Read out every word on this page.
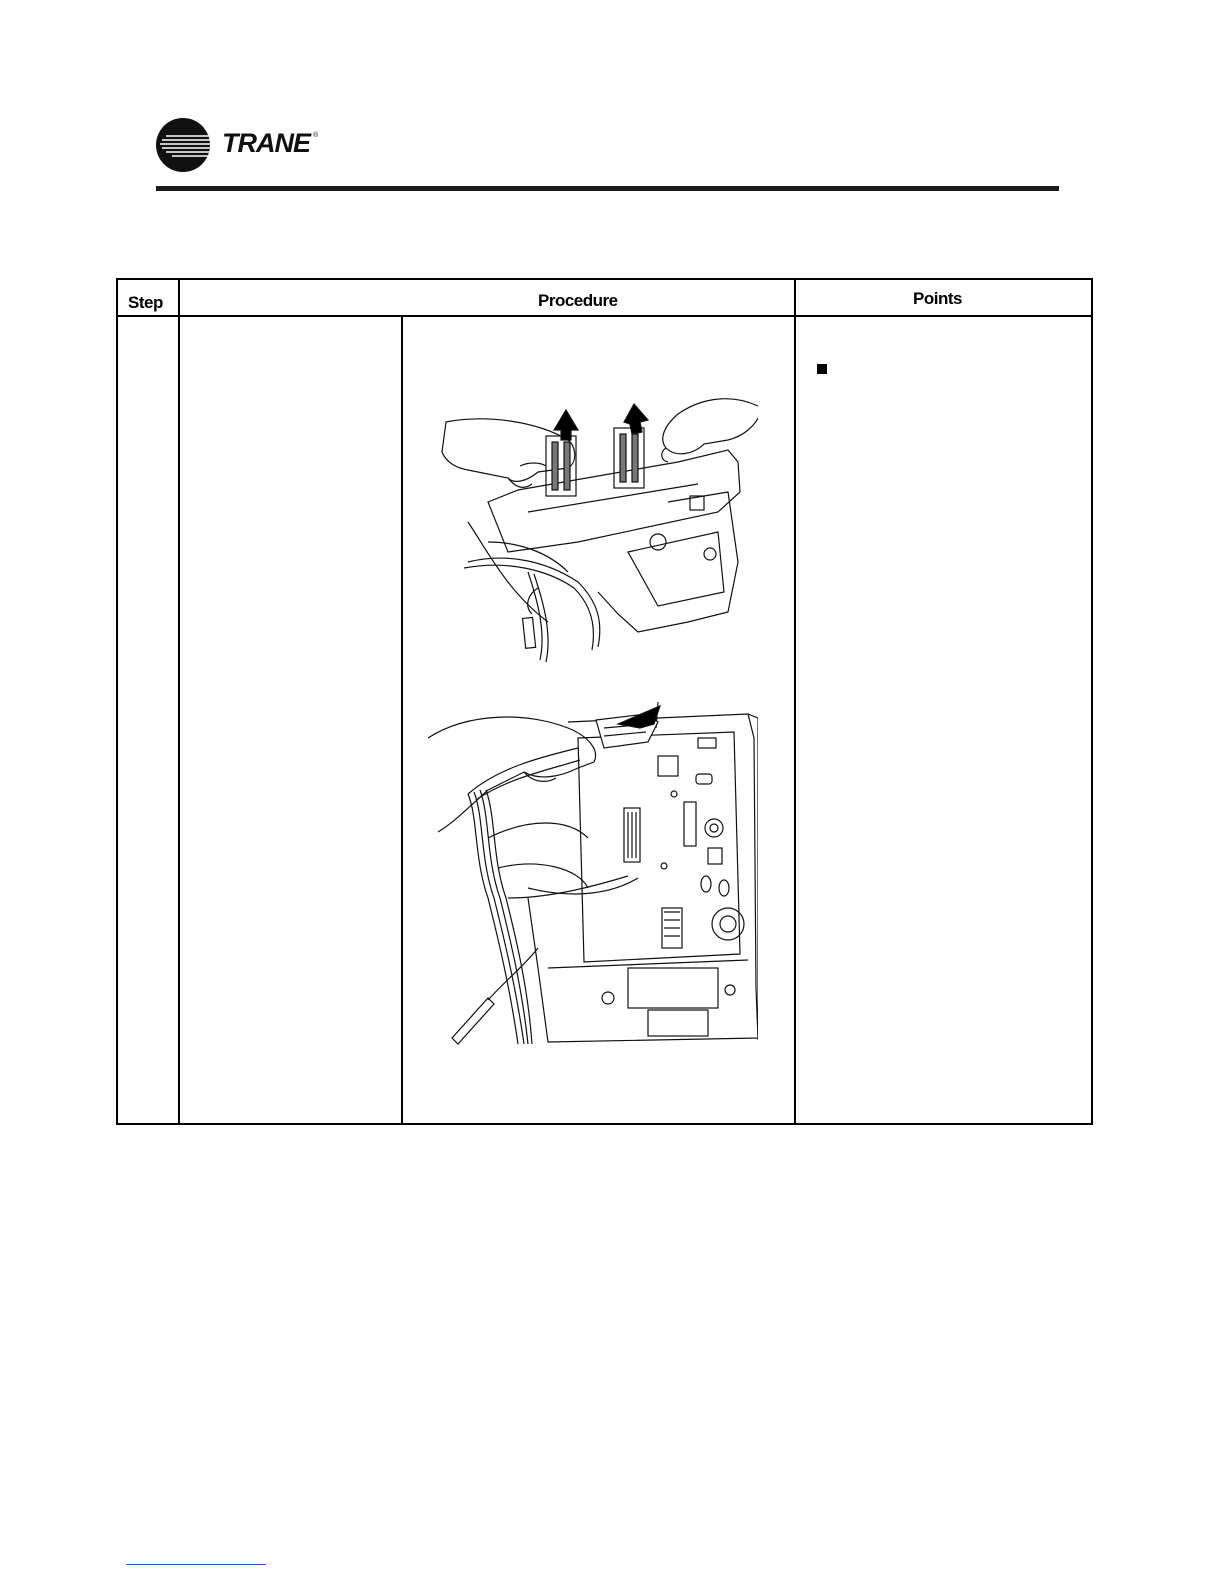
TRANE ®
Step	Procedure	Points
